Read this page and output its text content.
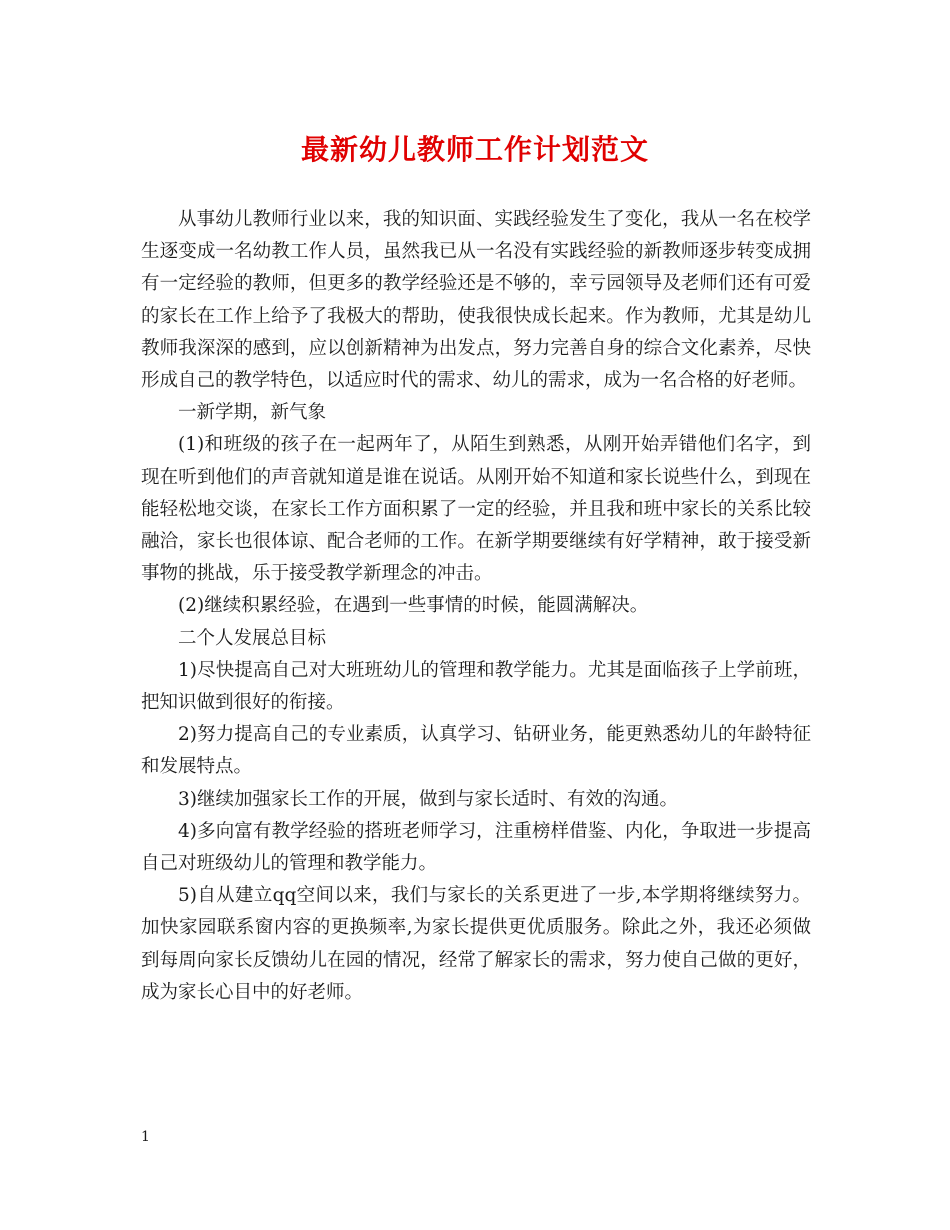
最新幼儿教师工作计划范文

从事幼儿教师行业以来，我的知识面、实践经验发生了变化，我从一名在校学生逐变成一名幼教工作人员，虽然我已从一名没有实践经验的新教师逐步转变成拥有一定经验的教师，但更多的教学经验还是不够的，幸亏园领导及老师们还有可爱的家长在工作上给予了我极大的帮助，使我很快成长起来。作为教师，尤其是幼儿教师我深深的感到，应以创新精神为出发点，努力完善自身的综合文化素养，尽快形成自己的教学特色，以适应时代的需求、幼儿的需求，成为一名合格的好老师。

一新学期，新气象

(1)和班级的孩子在一起两年了，从陌生到熟悉，从刚开始弄错他们名字，到现在听到他们的声音就知道是谁在说话。从刚开始不知道和家长说些什么，到现在能轻松地交谈，在家长工作方面积累了一定的经验，并且我和班中家长的关系比较融洽，家长也很体谅、配合老师的工作。在新学期要继续有好学精神，敢于接受新事物的挑战，乐于接受教学新理念的冲击。

(2)继续积累经验，在遇到一些事情的时候，能圆满解决。

二个人发展总目标

1)尽快提高自己对大班班幼儿的管理和教学能力。尤其是面临孩子上学前班，把知识做到很好的衔接。

2)努力提高自己的专业素质，认真学习、钻研业务，能更熟悉幼儿的年龄特征和发展特点。

3)继续加强家长工作的开展，做到与家长适时、有效的沟通。

4)多向富有教学经验的搭班老师学习，注重榜样借鉴、内化，争取进一步提高自己对班级幼儿的管理和教学能力。

5)自从建立qq空间以来，我们与家长的关系更进了一步,本学期将继续努力。加快家园联系窗内容的更换频率,为家长提供更优质服务。除此之外，我还必须做到每周向家长反馈幼儿在园的情况，经常了解家长的需求，努力使自己做的更好，成为家长心目中的好老师。

1
